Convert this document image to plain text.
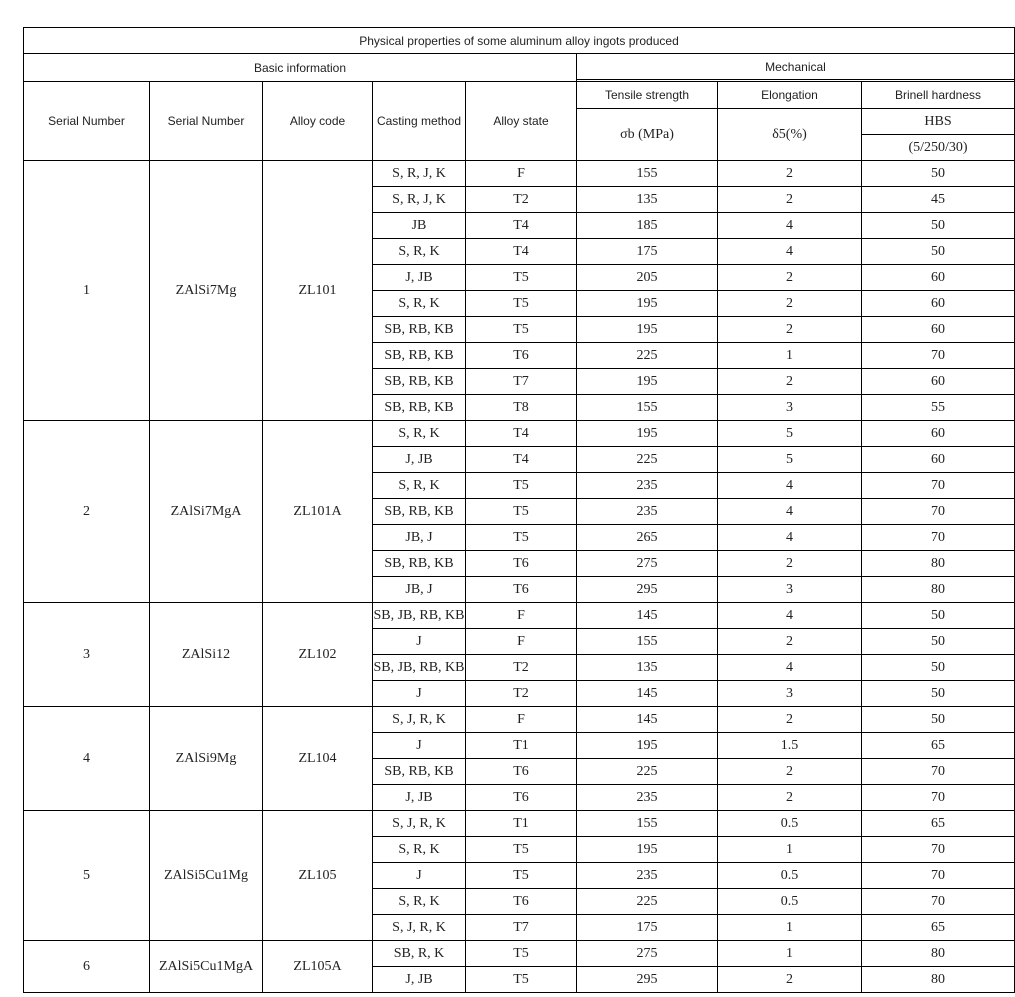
Physical properties of some aluminum alloy ingots produced							
Basic information					Mechanical		

Serial Number	Serial Number	Alloy code	Casting method	Alloy state	Tensile strength	Elongation	Brinell hardness
					σb (MPa)	δ5(%)	HBS
							(5/250/30)
1	ZAlSi7Mg	ZL101	S, R, J, K	F	155	2	50
			S, R, J, K	T2	135	2	45
			JB	T4	185	4	50
			S, R, K	T4	175	4	50
			J, JB	T5	205	2	60
			S, R, K	T5	195	2	60
			SB, RB, KB	T5	195	2	60
			SB, RB, KB	T6	225	1	70
			SB, RB, KB	T7	195	2	60
			SB, RB, KB	T8	155	3	55
2	ZAlSi7MgA	ZL101A	S, R, K	T4	195	5	60
			J, JB	T4	225	5	60
			S, R, K	T5	235	4	70
			SB, RB, KB	T5	235	4	70
			JB, J	T5	265	4	70
			SB, RB, KB	T6	275	2	80
			JB, J	T6	295	3	80
3	ZAlSi12	ZL102	SB, JB, RB, KB	F	145	4	50
			J	F	155	2	50
			SB, JB, RB, KB	T2	135	4	50
			J	T2	145	3	50
4	ZAlSi9Mg	ZL104	S, J, R, K	F	145	2	50
			J	T1	195	1.5	65
			SB, RB, KB	T6	225	2	70
			J, JB	T6	235	2	70
5	ZAlSi5Cu1Mg	ZL105	S, J, R, K	T1	155	0.5	65
			S, R, K	T5	195	1	70
			J	T5	235	0.5	70
			S, R, K	T6	225	0.5	70
			S, J, R, K	T7	175	1	65
6	ZAlSi5Cu1MgA	ZL105A	SB, R, K	T5	275	1	80
			J, JB	T5	295	2	80
